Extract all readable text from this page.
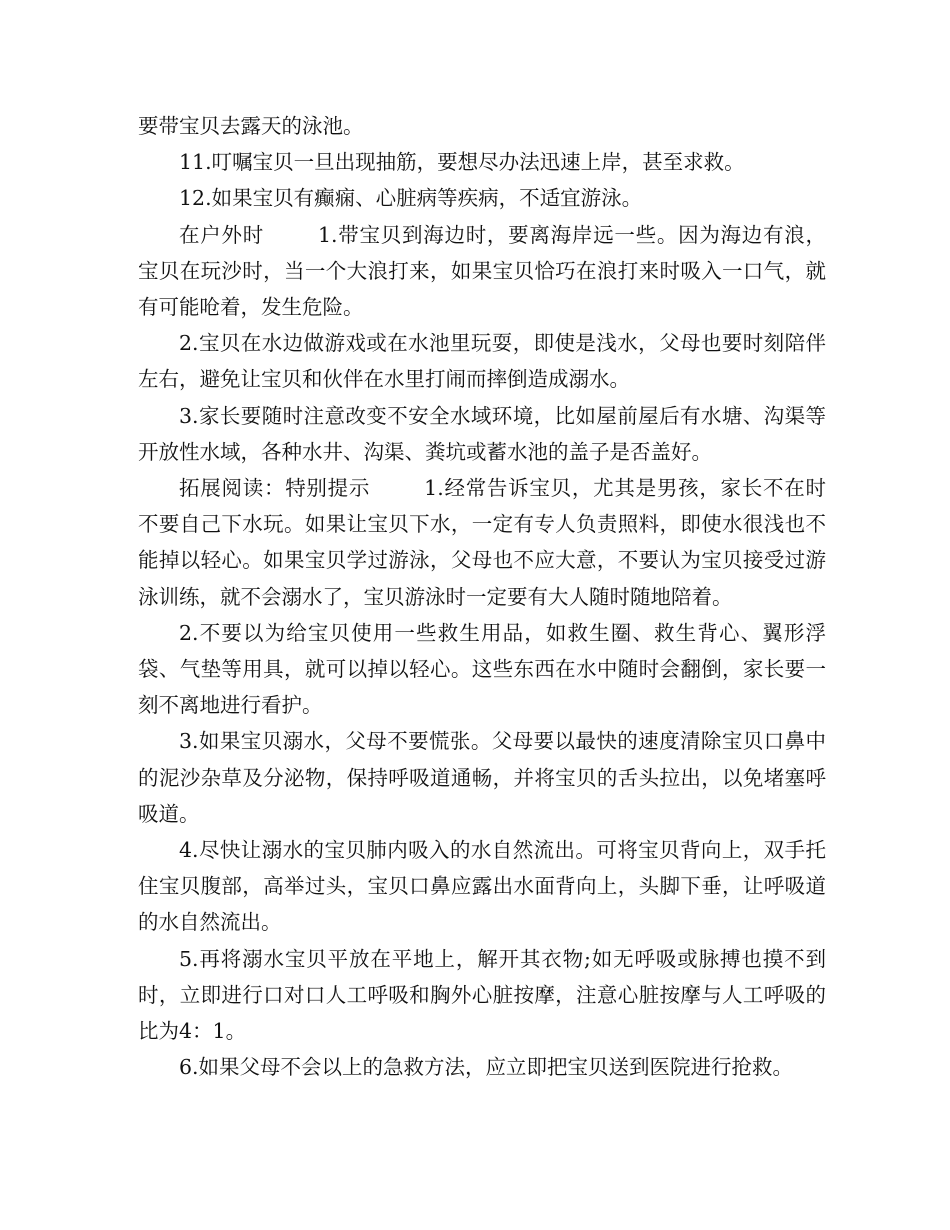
要带宝贝去露天的泳池。

11.叮嘱宝贝一旦出现抽筋，要想尽办法迅速上岸，甚至求救。

12.如果宝贝有癫痫、心脏病等疾病，不适宜游泳。

在户外时	1.带宝贝到海边时，要离海岸远一些。因为海边有浪，宝贝在玩沙时，当一个大浪打来，如果宝贝恰巧在浪打来时吸入一口气，就有可能呛着，发生危险。

2.宝贝在水边做游戏或在水池里玩耍，即使是浅水，父母也要时刻陪伴左右，避免让宝贝和伙伴在水里打闹而摔倒造成溺水。

3.家长要随时注意改变不安全水域环境，比如屋前屋后有水塘、沟渠等开放性水域，各种水井、沟渠、粪坑或蓄水池的盖子是否盖好。

拓展阅读：特别提示	1.经常告诉宝贝，尤其是男孩，家长不在时不要自己下水玩。如果让宝贝下水，一定有专人负责照料，即使水很浅也不能掉以轻心。如果宝贝学过游泳，父母也不应大意，不要认为宝贝接受过游泳训练，就不会溺水了，宝贝游泳时一定要有大人随时随地陪着。

2.不要以为给宝贝使用一些救生用品，如救生圈、救生背心、翼形浮袋、气垫等用具，就可以掉以轻心。这些东西在水中随时会翻倒，家长要一刻不离地进行看护。

3.如果宝贝溺水，父母不要慌张。父母要以最快的速度清除宝贝口鼻中的泥沙杂草及分泌物，保持呼吸道通畅，并将宝贝的舌头拉出，以免堵塞呼吸道。

4.尽快让溺水的宝贝肺内吸入的水自然流出。可将宝贝背向上，双手托住宝贝腹部，高举过头，宝贝口鼻应露出水面背向上，头脚下垂，让呼吸道的水自然流出。

5.再将溺水宝贝平放在平地上，解开其衣物;如无呼吸或脉搏也摸不到时，立即进行口对口人工呼吸和胸外心脏按摩，注意心脏按摩与人工呼吸的比为4：1。

6.如果父母不会以上的急救方法，应立即把宝贝送到医院进行抢救。
